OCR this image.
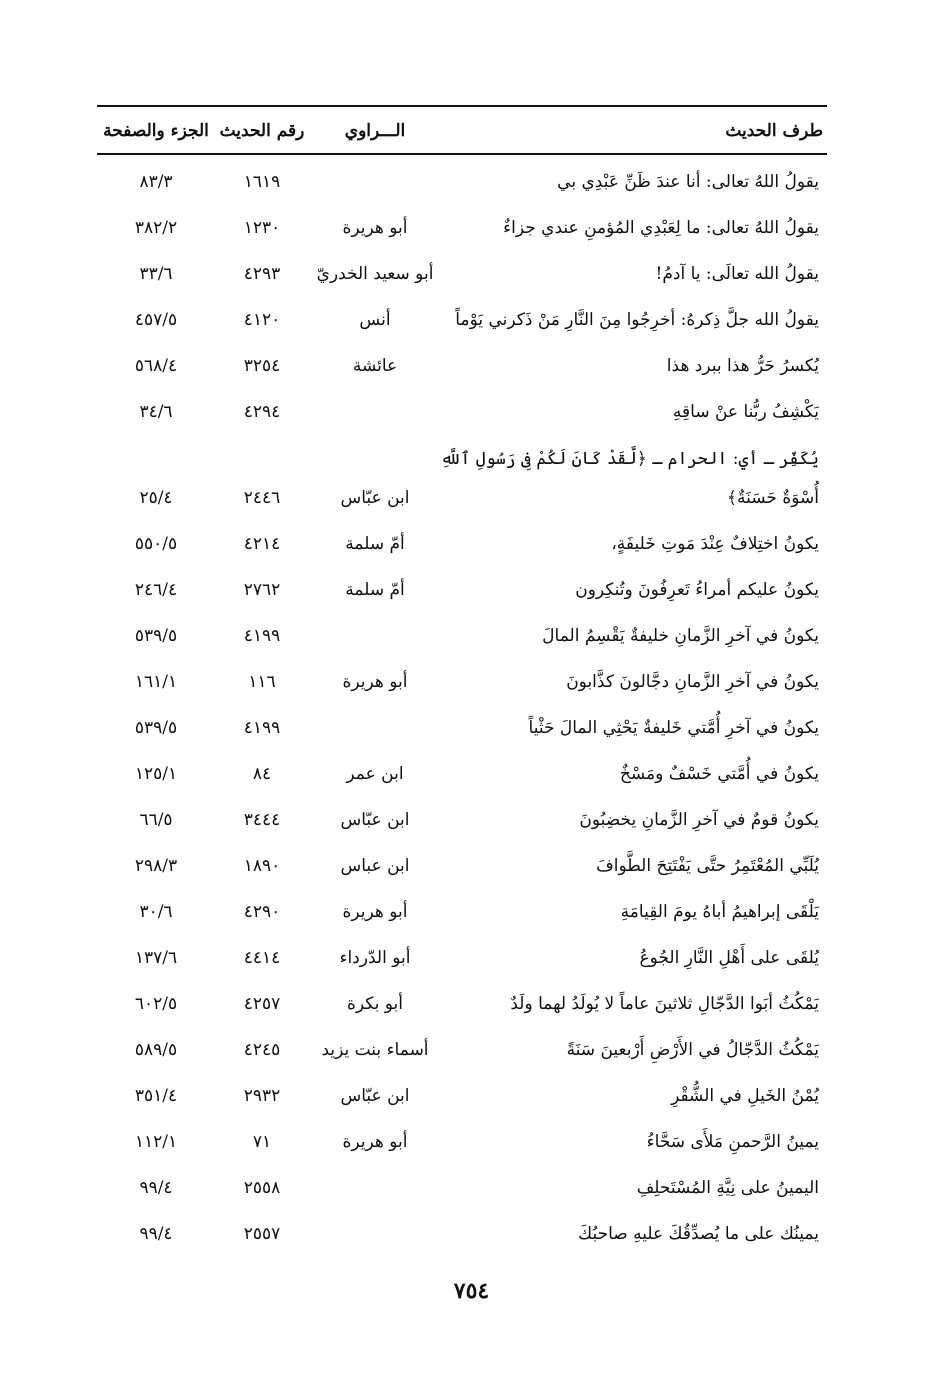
طرف الحديث
الـــراوي
رقم الحديث
الجزء والصفحة
يقولُ اللهُ تعالى: أنا عندَ ظَنِّ عَبْدِي بي
١٦١٩
٨٣/٣
يقولُ اللهُ تعالى: ما لِعَبْدِي المُؤمنِ عندي جزاءٌ
أبو هريرة
١٢٣٠
٣٨٢/٢
يقولُ الله تعالَى: يا آدمُ!
أبو سعيد الخدريّ
٤٢٩٣
٣٣/٦
يقولُ الله جلَّ ذِكرهُ: أخرِجُوا مِنَ النَّارِ مَنْ ذَكرني يَوْماً
أنس
٤١٢٠
٤٥٧/٥
يُكسرُ حَرُّ هذا ببرد هذا
عائشة
٣٢٥٤
٥٦٨/٤
يَكْشِفُ ربُّنا عنْ ساقِهِ
٤٢٩٤
٣٤/٦
يُكَفِّر ـ أي: الحرام ـ ﴿لَّقَدْ كَانَ لَكُمْ فِى رَسُولِ ٱللَّهِ
أُسْوَةٌ حَسَنَةٌ﴾
ابن عبّاس
٢٤٤٦
٢٥/٤
يكونُ اختِلافٌ عِنْدَ مَوتِ خَليفَةٍ،
أمّ سلمة
٤٢١٤
٥٥٠/٥
يكونُ عليكم أمراءُ تَعرِفُونَ وتُنكِرون
أمّ سلمة
٢٧٦٢
٢٤٦/٤
يكونُ في آخرِ الزَّمانِ خليفةٌ يَقْسِمُ المالَ
٤١٩٩
٥٣٩/٥
يكونُ في آخرِ الزَّمانِ دجَّالونَ كذَّابونَ
أبو هريرة
١١٦
١٦١/١
يكونُ في آخرِ أُمَّتي خَليفةٌ يَحْثِي المالَ حَثْياً
٤١٩٩
٥٣٩/٥
يكونُ في أُمَّتي خَسْفٌ ومَسْخٌ
ابن عمر
٨٤
١٢٥/١
يكونُ قومٌ في آخرِ الزَّمانِ يخضِبُونَ
ابن عبّاس
٣٤٤٤
٦٦/٥
يُلَبِّي المُعْتَمِرُ حتَّى يَفْتَتِحَ الطَّوافَ
ابن عباس
١٨٩٠
٢٩٨/٣
يَلْقَى إبراهيمُ أباهُ يومَ القِيامَةِ
أبو هريرة
٤٢٩٠
٣٠/٦
يُلقَى على أَهْلِ النَّارِ الجُوعُ
أبو الدّرداء
٤٤١٤
١٣٧/٦
يَمْكُثُ أبَوا الدَّجّالِ ثلاثينَ عاماً لا يُولَدُ لهما ولَدٌ
أبو بكرة
٤٢٥٧
٦٠٢/٥
يَمْكُثُ الدَّجّالُ في الأَرْضِ أَرْبعينَ سَنَةً
أسماء بنت يزيد
٤٢٤٥
٥٨٩/٥
يُمْنُ الخَيلِ في الشُّقْرِ
ابن عبّاس
٢٩٣٢
٣٥١/٤
يمينُ الرَّحمنِ مَلأَى سَحَّاءُ
أبو هريرة
٧١
١١٢/١
اليمينُ على نِيَّةِ المُسْتَحلِفِ
٢٥٥٨
٩٩/٤
يمينُك على ما يُصدِّقُكَ عليهِ صاحبُكَ
٢٥٥٧
٩٩/٤
٧٥٤
